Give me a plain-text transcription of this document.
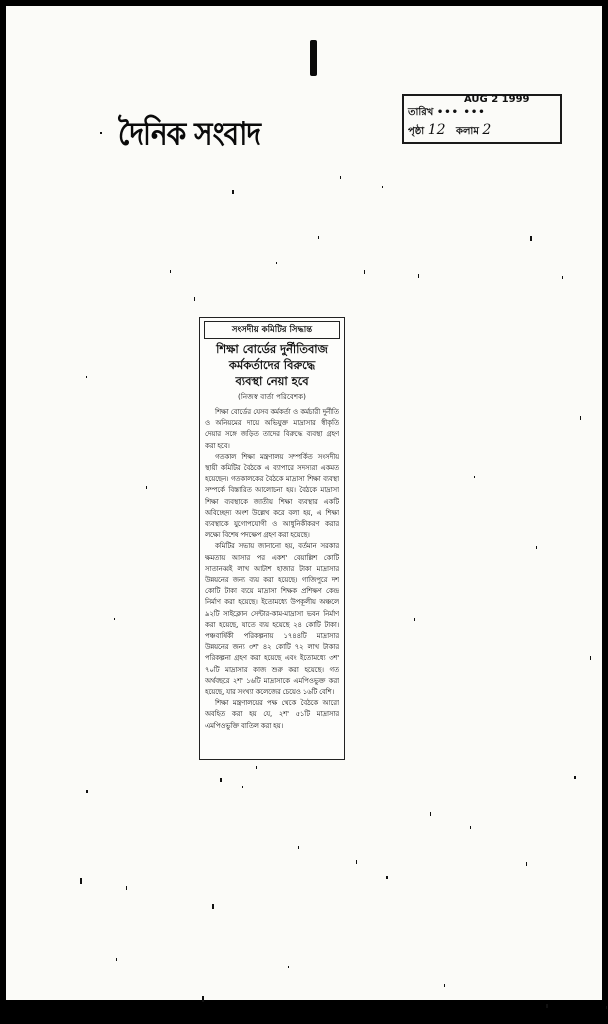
দৈনিক সংবাদ
AUG 2 1999
তারিখ ••• •••
পৃষ্ঠা 12 কলাম 2
সংসদীয় কমিটির সিদ্ধান্ত
শিক্ষা বোর্ডের দুর্নীতিবাজ
কর্মকর্তাদের বিরুদ্ধে
ব্যবস্থা নেয়া হবে
(নিজস্ব বার্তা পরিবেশক)

শিক্ষা বোর্ডের যেসব কর্মকর্তা ও কর্মচারী দুর্নীতি ও অনিয়মের দায়ে অভিযুক্ত মাদ্রাসার স্বীকৃতি দেয়ার সঙ্গে জড়িত তাদের বিরুদ্ধে ব্যবস্থা গ্রহণ করা হবে।

গতকাল শিক্ষা মন্ত্রণালয় সম্পর্কিত সংসদীয় স্থায়ী কমিটির বৈঠকে এ ব্যাপারে সদস্যরা একমত হয়েছেন। গতকালকের বৈঠকে মাদ্রাসা শিক্ষা ব্যবস্থা সম্পর্কে বিস্তারিত আলোচনা হয়। বৈঠকে মাদ্রাসা শিক্ষা ব্যবস্থাকে জাতীয় শিক্ষা ব্যবস্থার একটি অবিচ্ছেদ্য অংশ উল্লেখ করে বলা হয়, এ শিক্ষা ব্যবস্থাকে যুগোপযোগী ও আধুনিকীকরণ করার লক্ষ্যে বিশেষ পদক্ষেপ গ্রহণ করা হয়েছে।

কমিটির সভায় জানানো হয়, বর্তমান সরকার ক্ষমতায় আসার পর একশ' বেয়াল্লিশ কোটি সাতানব্বই লাখ আটাশ হাজার টাকা মাদ্রাসার উন্নয়নের জন্য ব্যয় করা হয়েছে। গাজিপুরে দশ কোটি টাকা ব্যয়ে মাদ্রাসা শিক্ষক প্রশিক্ষণ কেন্দ্র নির্মাণ করা হয়েছে। ইতোমধ্যে উপকূলীয় অঞ্চলে ৯২টি সাইক্লোন সেন্টার-কাম-মাদ্রাসা ভবন নির্মাণ করা হয়েছে, যাতে ব্যয় হয়েছে ২৪ কোটি টাকা। পঞ্চবার্ষিকী পরিকল্পনায় ১৭৪৪টি মাদ্রাসার উন্নয়নের জন্য ৩শ' ৪২ কোটি ৭২ লাখ টাকার পরিকল্পনা গ্রহণ করা হয়েছে এবং ইতোমধ্যে ৩শ' ৭০টি মাদ্রাসার কাজ শুরু করা হয়েছে। গত অর্থবছরে ২শ' ১৬টি মাদ্রাসাকে এমপিওভুক্ত করা হয়েছে, যার সংখ্যা কলেজের চেয়েও ১৬টি বেশি।

শিক্ষা মন্ত্রণালয়ের পক্ষ থেকে বৈঠকে আরো অবহিত করা হয় যে, ২শ' ৫১টি মাদ্রাসার এমপিওভুক্তি বাতিল করা হয়।
